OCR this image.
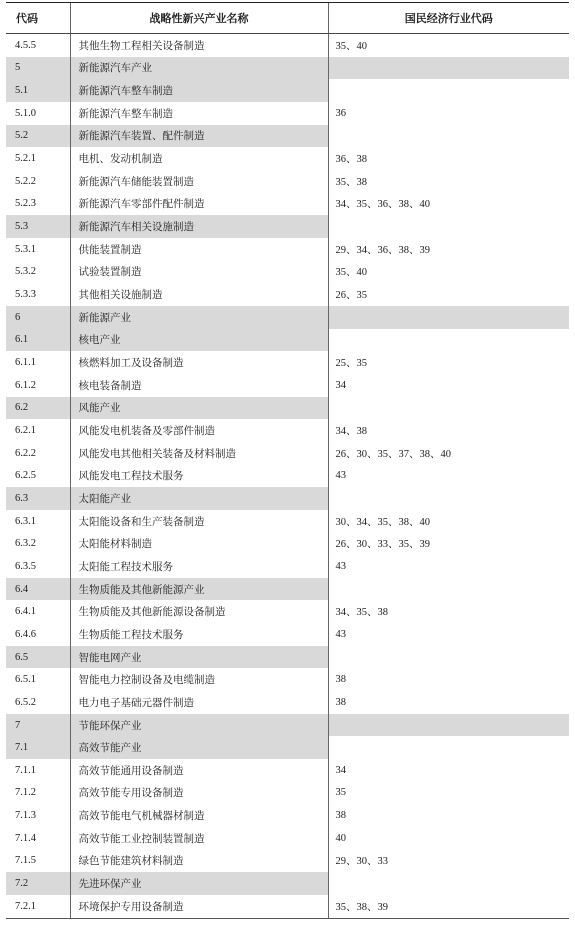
代码	战略性新兴产业名称	国民经济行业代码
4.5.5	其他生物工程相关设备制造	35、40
5	新能源汽车产业	
5.1	新能源汽车整车制造	
5.1.0	新能源汽车整车制造	36
5.2	新能源汽车装置、配件制造	
5.2.1	电机、发动机制造	36、38
5.2.2	新能源汽车储能装置制造	35、38
5.2.3	新能源汽车零部件配件制造	34、35、36、38、40
5.3	新能源汽车相关设施制造	
5.3.1	供能装置制造	29、34、36、38、39
5.3.2	试验装置制造	35、40
5.3.3	其他相关设施制造	26、35
6	新能源产业	
6.1	核电产业	
6.1.1	核燃料加工及设备制造	25、35
6.1.2	核电装备制造	34
6.2	风能产业	
6.2.1	风能发电机装备及零部件制造	34、38
6.2.2	风能发电其他相关装备及材料制造	26、30、35、37、38、40
6.2.5	风能发电工程技术服务	43
6.3	太阳能产业	
6.3.1	太阳能设备和生产装备制造	30、34、35、38、40
6.3.2	太阳能材料制造	26、30、33、35、39
6.3.5	太阳能工程技术服务	43
6.4	生物质能及其他新能源产业	
6.4.1	生物质能及其他新能源设备制造	34、35、38
6.4.6	生物质能工程技术服务	43
6.5	智能电网产业	
6.5.1	智能电力控制设备及电缆制造	38
6.5.2	电力电子基础元器件制造	38
7	节能环保产业	
7.1	高效节能产业	
7.1.1	高效节能通用设备制造	34
7.1.2	高效节能专用设备制造	35
7.1.3	高效节能电气机械器材制造	38
7.1.4	高效节能工业控制装置制造	40
7.1.5	绿色节能建筑材料制造	29、30、33
7.2	先进环保产业	
7.2.1	环境保护专用设备制造	35、38、39
